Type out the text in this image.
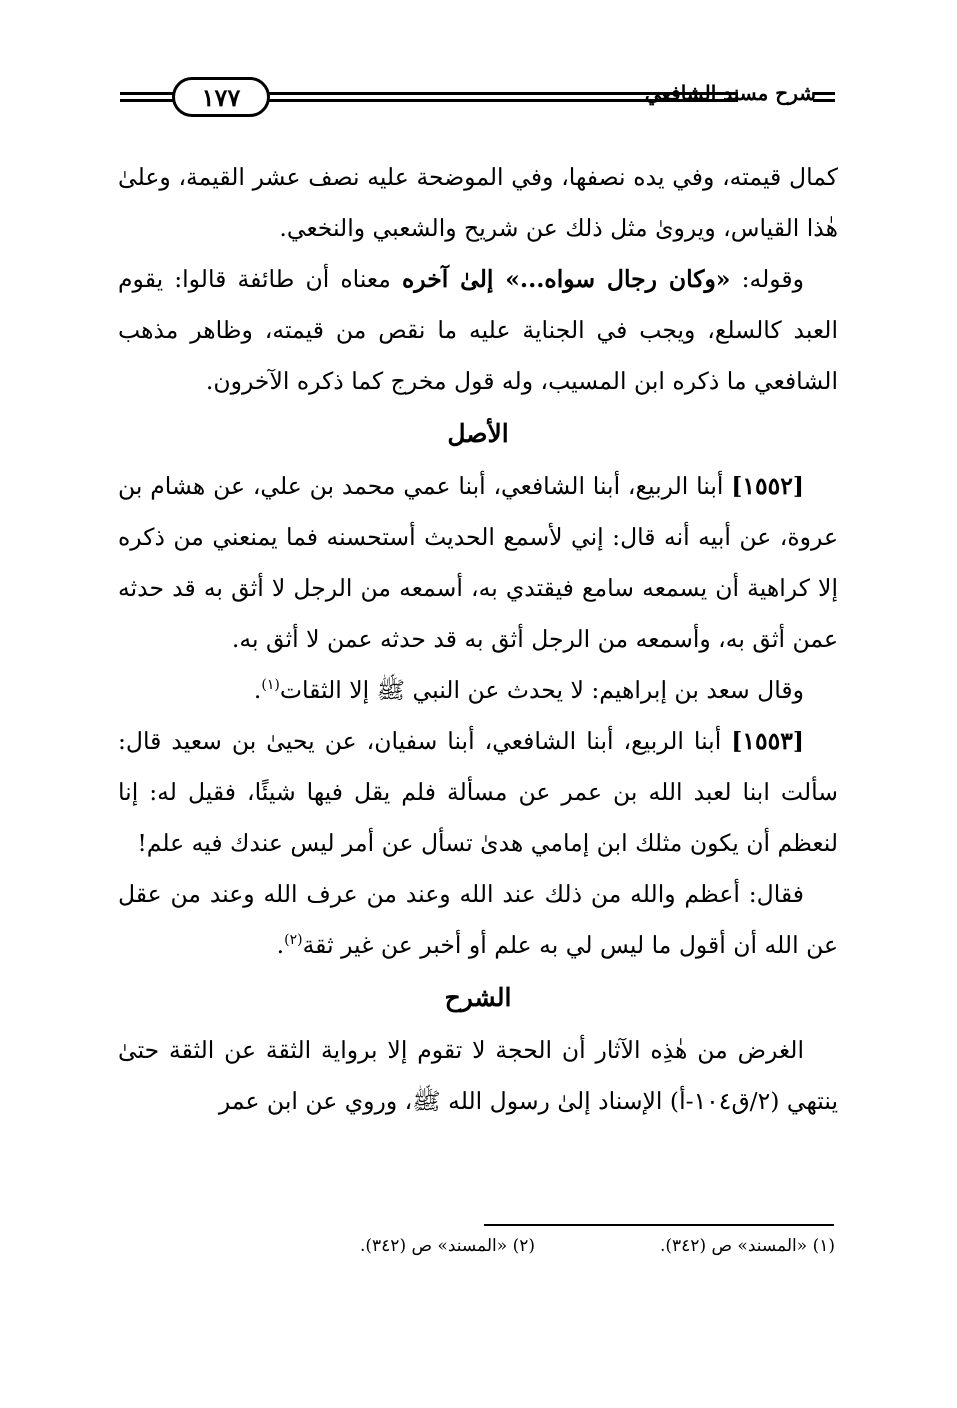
١٧٧	شرح مسند الشافعي

كمال قيمته، وفي يده نصفها، وفي الموضحة عليه نصف عشر القيمة، وعلىٰ هٰذا القياس، ويروىٰ مثل ذلك عن شريح والشعبي والنخعي.

وقوله: «وكان رجال سواه...» إلىٰ آخره معناه أن طائفة قالوا: يقوم العبد كالسلع، ويجب في الجناية عليه ما نقص من قيمته، وظاهر مذهب الشافعي ما ذكره ابن المسيب، وله قول مخرج كما ذكره الآخرون.

الأصل

[١٥٥٢] أبنا الربيع، أبنا الشافعي، أبنا عمي محمد بن علي، عن هشام بن عروة، عن أبيه أنه قال: إني لأسمع الحديث أستحسنه فما يمنعني من ذكره إلا كراهية أن يسمعه سامع فيقتدي به، أسمعه من الرجل لا أثق به قد حدثه عمن أثق به، وأسمعه من الرجل أثق به قد حدثه عمن لا أثق به.

وقال سعد بن إبراهيم: لا يحدث عن النبي ﷺ إلا الثقات$^{(١)}$.

[١٥٥٣] أبنا الربيع، أبنا الشافعي، أبنا سفيان، عن يحيىٰ بن سعيد قال: سألت ابنا لعبد الله بن عمر عن مسألة فلم يقل فيها شيئًا، فقيل له: إنا لنعظم أن يكون مثلك ابن إمامي هدىٰ تسأل عن أمر ليس عندك فيه علم!

فقال: أعظم والله من ذلك عند الله وعند من عرف الله وعند من عقل عن الله أن أقول ما ليس لي به علم أو أخبر عن غير ثقة$^{(٢)}$.

الشرح

الغرض من هٰذِه الآثار أن الحجة لا تقوم إلا برواية الثقة عن الثقة حتىٰ ينتهي (٢/ق١٠٤-أ) الإسناد إلىٰ رسول الله ﷺ، وروي عن ابن عمر

(١) «المسند» ص (٣٤٢).
(٢) «المسند» ص (٣٤٢).
